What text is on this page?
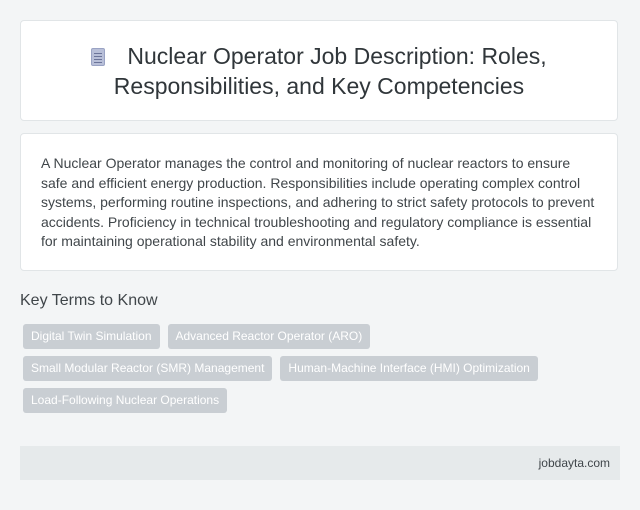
Nuclear Operator Job Description: Roles, Responsibilities, and Key Competencies

A Nuclear Operator manages the control and monitoring of nuclear reactors to ensure safe and efficient energy production. Responsibilities include operating complex control systems, performing routine inspections, and adhering to strict safety protocols to prevent accidents. Proficiency in technical troubleshooting and regulatory compliance is essential for maintaining operational stability and environmental safety.

Key Terms to Know
Digital Twin Simulation	Advanced Reactor Operator (ARO)
Small Modular Reactor (SMR) Management	Human-Machine Interface (HMI) Optimization
Load-Following Nuclear Operations
jobdayta.com
